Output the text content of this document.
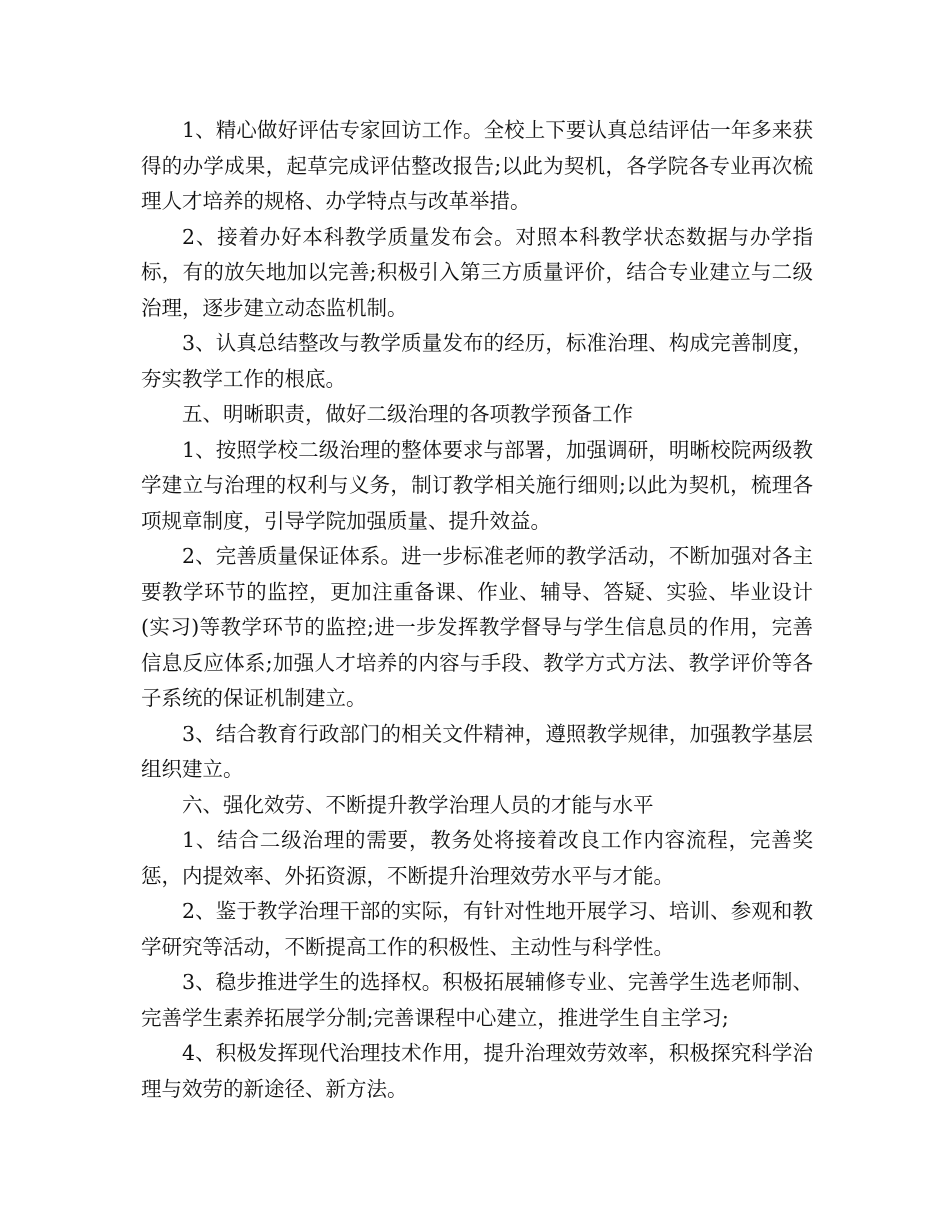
1、精心做好评估专家回访工作。全校上下要认真总结评估一年多来获得的办学成果，起草完成评估整改报告;以此为契机，各学院各专业再次梳理人才培养的规格、办学特点与改革举措。

2、接着办好本科教学质量发布会。对照本科教学状态数据与办学指标，有的放矢地加以完善;积极引入第三方质量评价，结合专业建立与二级治理，逐步建立动态监机制。

3、认真总结整改与教学质量发布的经历，标准治理、构成完善制度，夯实教学工作的根底。

五、明晰职责，做好二级治理的各项教学预备工作

1、按照学校二级治理的整体要求与部署，加强调研，明晰校院两级教学建立与治理的权利与义务，制订教学相关施行细则;以此为契机，梳理各项规章制度，引导学院加强质量、提升效益。

2、完善质量保证体系。进一步标准老师的教学活动，不断加强对各主要教学环节的监控，更加注重备课、作业、辅导、答疑、实验、毕业设计(实习)等教学环节的监控;进一步发挥教学督导与学生信息员的作用，完善信息反应体系;加强人才培养的内容与手段、教学方式方法、教学评价等各子系统的保证机制建立。

3、结合教育行政部门的相关文件精神，遵照教学规律，加强教学基层组织建立。

六、强化效劳、不断提升教学治理人员的才能与水平

1、结合二级治理的需要，教务处将接着改良工作内容流程，完善奖惩，内提效率、外拓资源，不断提升治理效劳水平与才能。

2、鉴于教学治理干部的实际，有针对性地开展学习、培训、参观和教学研究等活动，不断提高工作的积极性、主动性与科学性。

3、稳步推进学生的选择权。积极拓展辅修专业、完善学生选老师制、完善学生素养拓展学分制;完善课程中心建立，推进学生自主学习;

4、积极发挥现代治理技术作用，提升治理效劳效率，积极探究科学治理与效劳的新途径、新方法。
